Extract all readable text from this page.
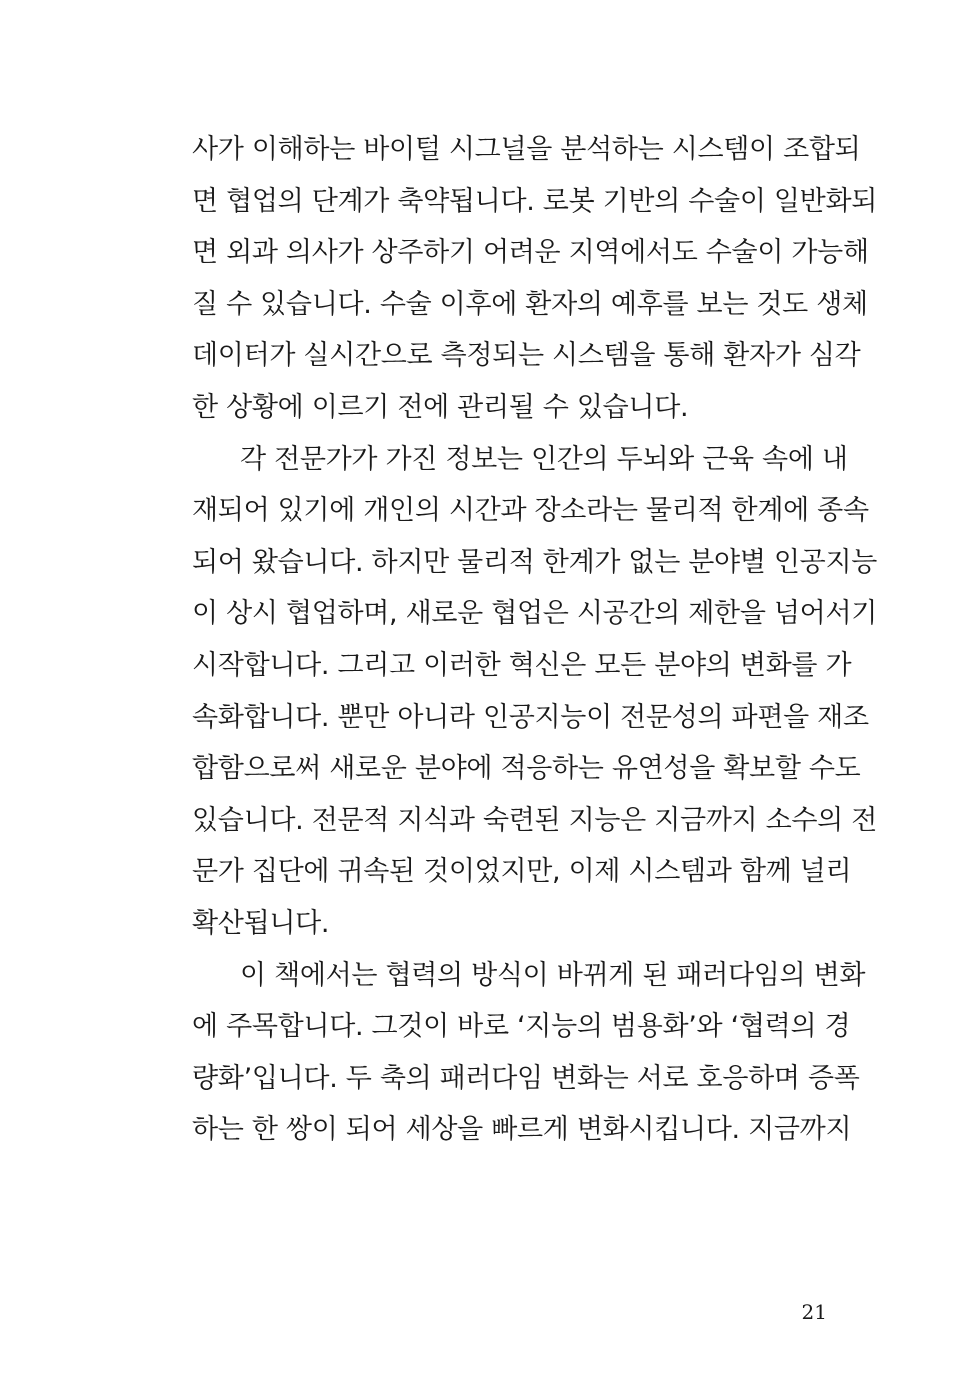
사가 이해하는 바이털 시그널을 분석하는 시스템이 조합되
면 협업의 단계가 축약됩니다. 로봇 기반의 수술이 일반화되
면 외과 의사가 상주하기 어려운 지역에서도 수술이 가능해
질 수 있습니다. 수술 이후에 환자의 예후를 보는 것도 생체
데이터가 실시간으로 측정되는 시스템을 통해 환자가 심각
한 상황에 이르기 전에 관리될 수 있습니다.
각 전문가가 가진 정보는 인간의 두뇌와 근육 속에 내
재되어 있기에 개인의 시간과 장소라는 물리적 한계에 종속
되어 왔습니다. 하지만 물리적 한계가 없는 분야별 인공지능
이 상시 협업하며, 새로운 협업은 시공간의 제한을 넘어서기
시작합니다. 그리고 이러한 혁신은 모든 분야의 변화를 가
속화합니다. 뿐만 아니라 인공지능이 전문성의 파편을 재조
합함으로써 새로운 분야에 적응하는 유연성을 확보할 수도
있습니다. 전문적 지식과 숙련된 지능은 지금까지 소수의 전
문가 집단에 귀속된 것이었지만, 이제 시스템과 함께 널리
확산됩니다.
이 책에서는 협력의 방식이 바뀌게 된 패러다임의 변화
에 주목합니다. 그것이 바로 ‘지능의 범용화’와 ‘협력의 경
량화’입니다. 두 축의 패러다임 변화는 서로 호응하며 증폭
하는 한 쌍이 되어 세상을 빠르게 변화시킵니다. 지금까지
21
